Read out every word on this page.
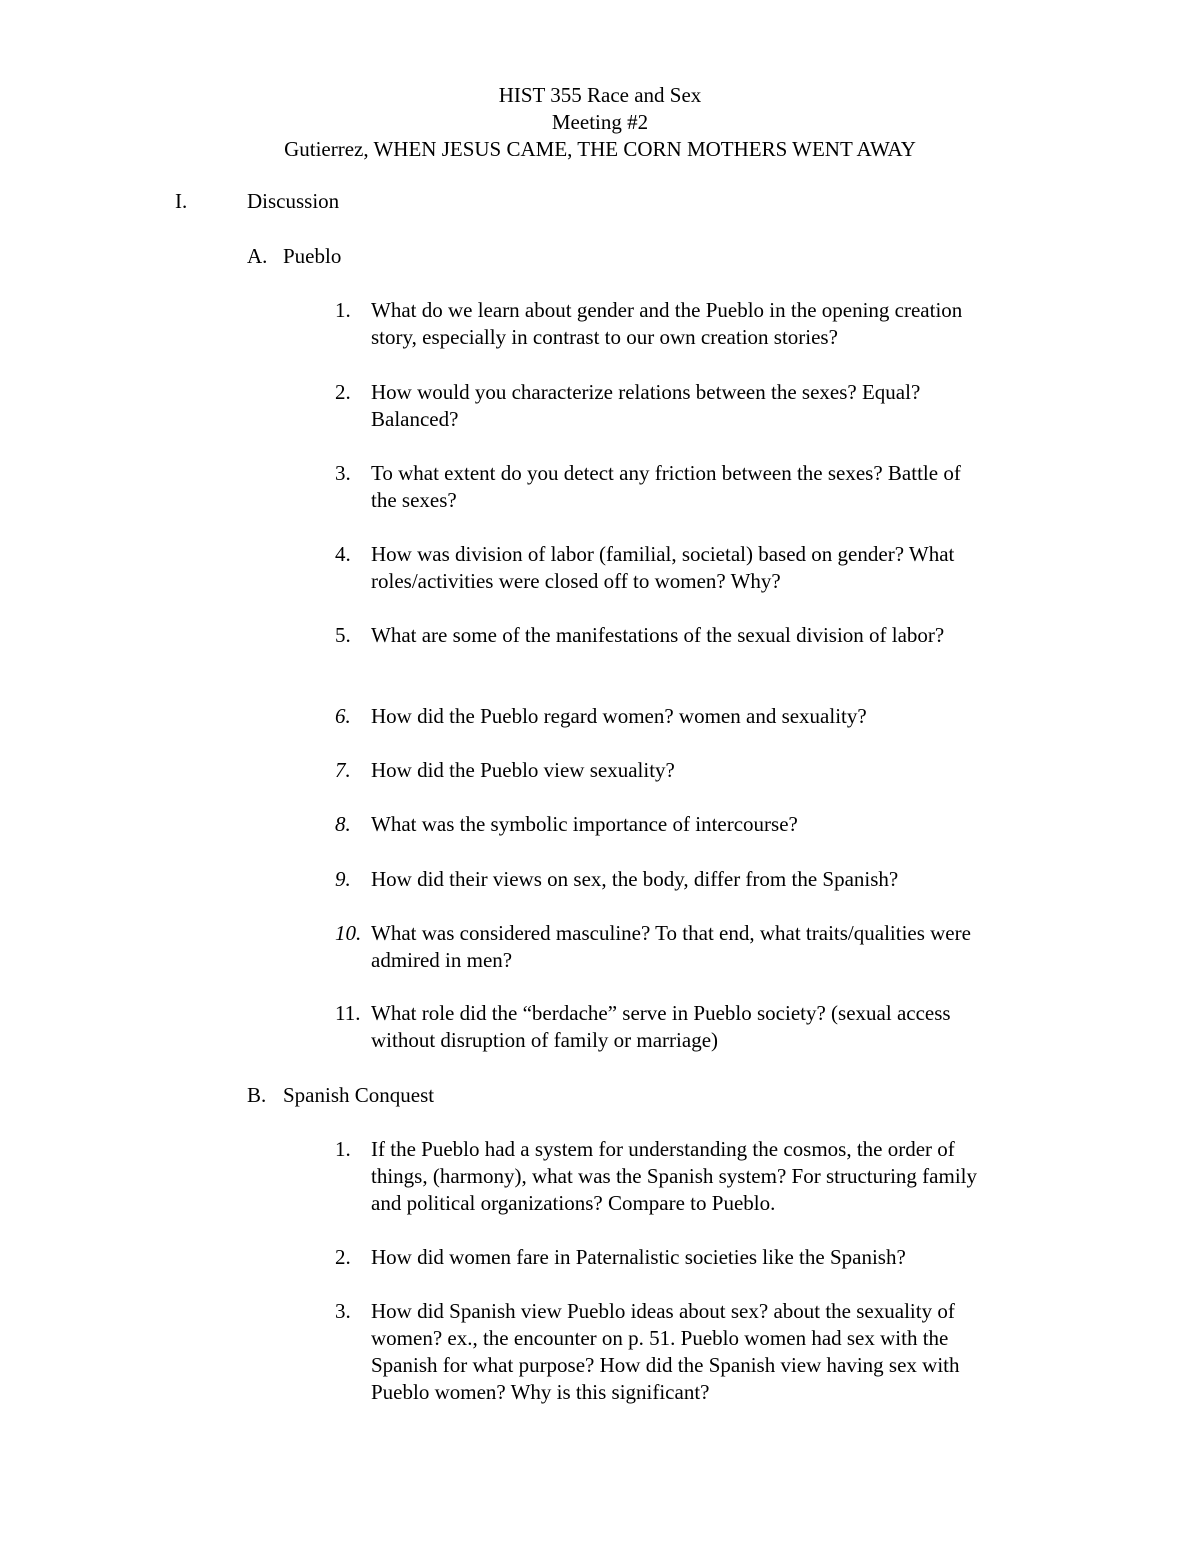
HIST 355 Race and Sex
Meeting #2
Gutierrez, WHEN JESUS CAME, THE CORN MOTHERS WENT AWAY
I.	Discussion
A. Pueblo
1. What do we learn about gender and the Pueblo in the opening creation
story, especially in contrast to our own creation stories?
2. How would you characterize relations between the sexes? Equal?
Balanced?
3. To what extent do you detect any friction between the sexes? Battle of
the sexes?
4. How was division of labor (familial, societal) based on gender? What
roles/activities were closed off to women? Why?
5. What are some of the manifestations of the sexual division of labor?
6. How did the Pueblo regard women? women and sexuality?
7. How did the Pueblo view sexuality?
8. What was the symbolic importance of intercourse?
9. How did their views on sex, the body, differ from the Spanish?
10. What was considered masculine? To that end, what traits/qualities were
admired in men?
11. What role did the “berdache” serve in Pueblo society? (sexual access
without disruption of family or marriage)
B. Spanish Conquest
1. If the Pueblo had a system for understanding the cosmos, the order of
things, (harmony), what was the Spanish system? For structuring family
and political organizations? Compare to Pueblo.
2. How did women fare in Paternalistic societies like the Spanish?
3. How did Spanish view Pueblo ideas about sex? about the sexuality of
women? ex., the encounter on p. 51. Pueblo women had sex with the
Spanish for what purpose? How did the Spanish view having sex with
Pueblo women? Why is this significant?
